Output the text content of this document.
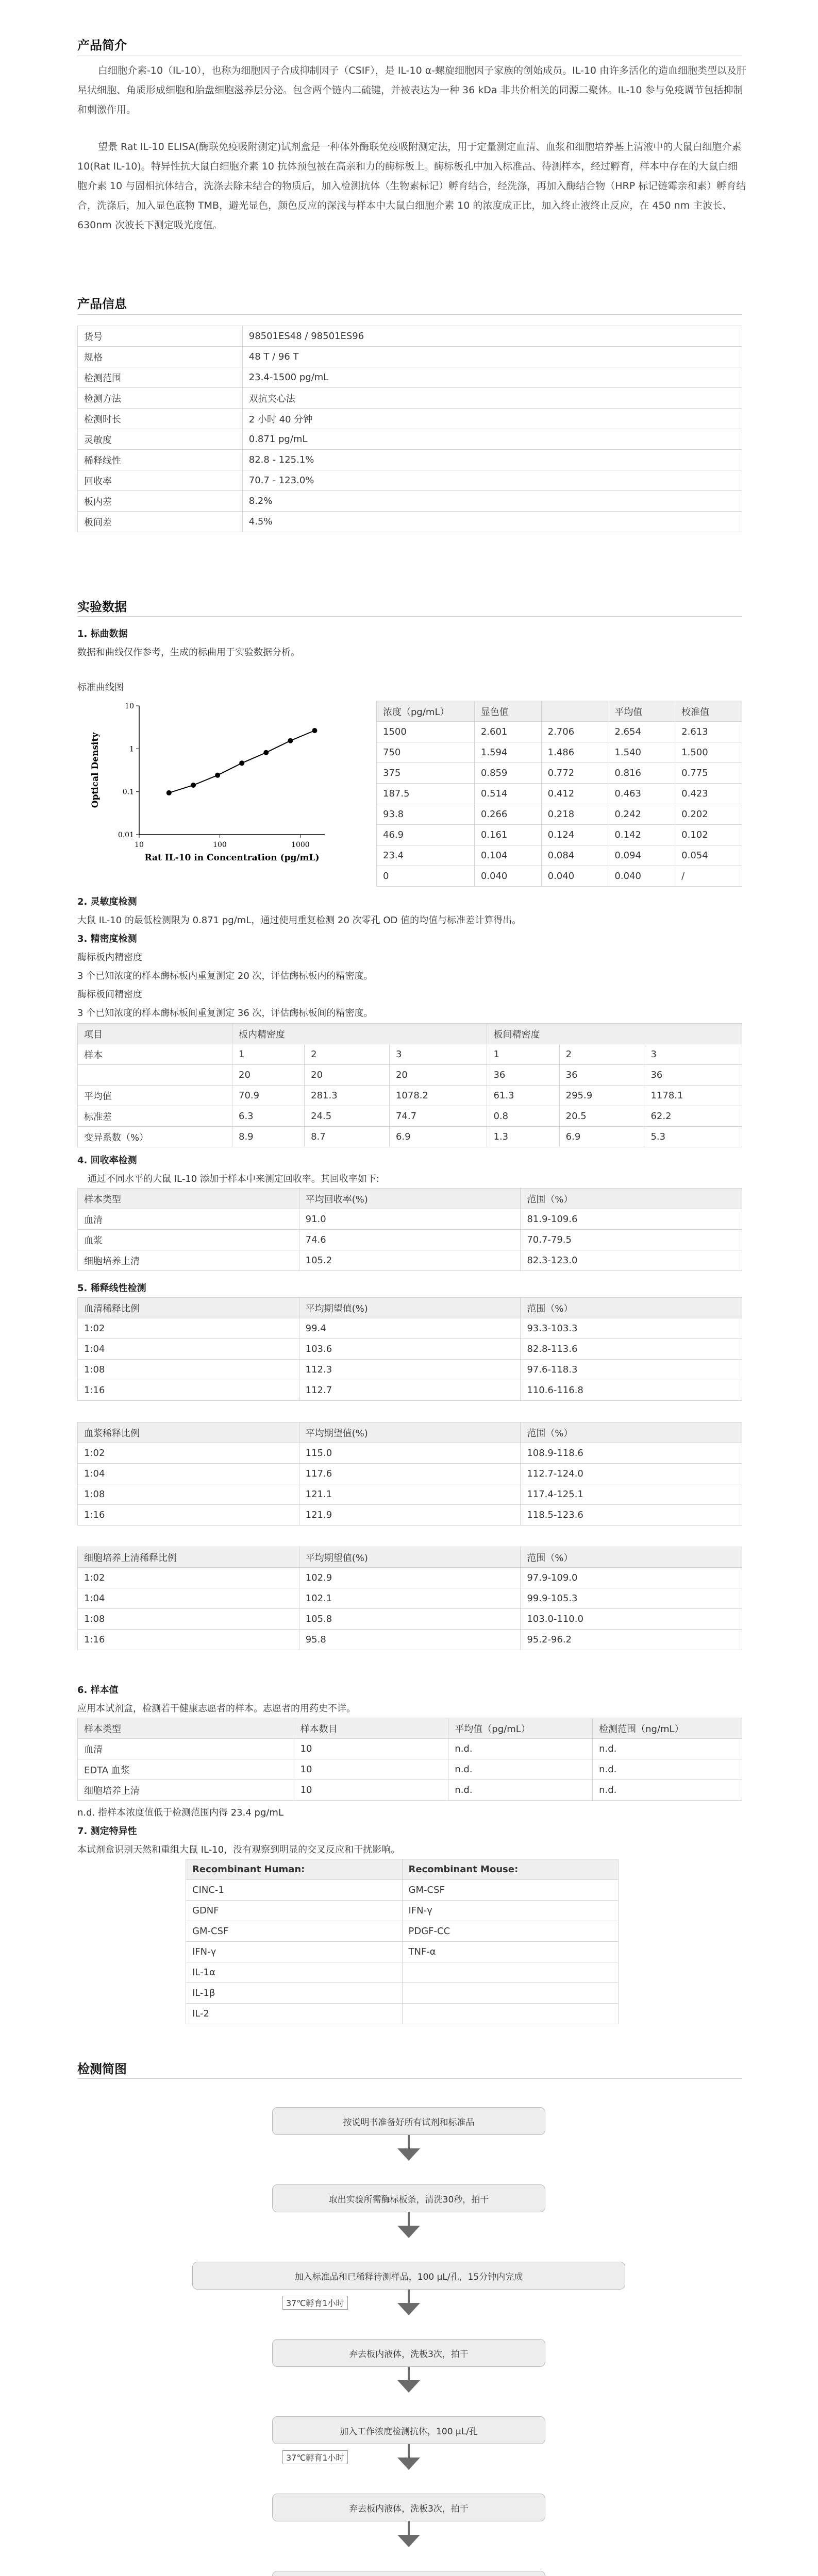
产品简介
白细胞介素-10（IL-10），也称为细胞因子合成抑制因子（CSIF），是 IL-10 α-螺旋细胞因子家族的创始成员。IL-10 由许多活化的造血细胞类型以及肝星状细胞、角质形成细胞和胎盘细胞滋养层分泌。包含两个链内二硫键，并被表达为一种 36 kDa 非共价相关的同源二聚体。IL-10 参与免疫调节包括抑制和刺激作用。
望景 Rat IL-10 ELISA(酶联免疫吸附测定)试剂盒是一种体外酶联免疫吸附测定法，用于定量测定血清、血浆和细胞培养基上清液中的大鼠白细胞介素10(Rat IL-10)。特异性抗大鼠白细胞介素 10 抗体预包被在高亲和力的酶标板上。酶标板孔中加入标准品、待测样本，经过孵育，样本中存在的大鼠白细胞介素 10 与固相抗体结合，洗涤去除未结合的物质后，加入检测抗体（生物素标记）孵育结合，经洗涤，再加入酶结合物（HRP 标记链霉亲和素）孵育结合，洗涤后，加入显色底物 TMB，避光显色，颜色反应的深浅与样本中大鼠白细胞介素 10 的浓度成正比，加入终止液终止反应，在 450 nm 主波长、630nm 次波长下测定吸光度值。
产品信息
货号	98501ES48 / 98501ES96
规格	48 T / 96 T
检测范围	23.4-1500 pg/mL
检测方法	双抗夹心法
检测时长	2 小时 40 分钟
灵敏度	0.871 pg/mL
稀释线性	82.8 - 125.1%
回收率	70.7 - 123.0%
板内差	8.2%
板间差	4.5%
实验数据
1. 标曲数据
数据和曲线仅作参考，生成的标曲用于实验数据分析。
标准曲线图
10
1
0.1
0.01
10	100	1000
Rat IL-10 in Concentration (pg/mL)
Optical Density
浓度（pg/mL）	显色值		平均值	校准值
1500	2.601	2.706	2.654	2.613
750	1.594	1.486	1.540	1.500
375	0.859	0.772	0.816	0.775
187.5	0.514	0.412	0.463	0.423
93.8	0.266	0.218	0.242	0.202
46.9	0.161	0.124	0.142	0.102
23.4	0.104	0.084	0.094	0.054
0	0.040	0.040	0.040	/
2. 灵敏度检测
大鼠 IL-10 的最低检测限为 0.871 pg/mL，通过使用重复检测 20 次零孔 OD 值的均值与标准差计算得出。
3. 精密度检测
酶标板内精密度
3 个已知浓度的样本酶标板内重复测定 20 次，评估酶标板内的精密度。
酶标板间精密度
3 个已知浓度的样本酶标板间重复测定 36 次，评估酶标板间的精密度。
项目	板内精密度			板间精密度		
样本	1	2	3	1	2	3
	20	20	20	36	36	36
平均值	70.9	281.3	1078.2	61.3	295.9	1178.1
标准差	6.3	24.5	74.7	0.8	20.5	62.2
变异系数（%）	8.9	8.7	6.9	1.3	6.9	5.3
4. 回收率检测
通过不同水平的大鼠 IL-10 添加于样本中来测定回收率。其回收率如下:
样本类型	平均回收率(%)	范围（%）
血清	91.0	81.9-109.6
血浆	74.6	70.7-79.5
细胞培养上清	105.2	82.3-123.0
5. 稀释线性检测
血清稀释比例	平均期望值(%)	范围（%）
1:02	99.4	93.3-103.3
1:04	103.6	82.8-113.6
1:08	112.3	97.6-118.3
1:16	112.7	110.6-116.8
血浆稀释比例	平均期望值(%)	范围（%）
1:02	115.0	108.9-118.6
1:04	117.6	112.7-124.0
1:08	121.1	117.4-125.1
1:16	121.9	118.5-123.6
细胞培养上清稀释比例	平均期望值(%)	范围（%）
1:02	102.9	97.9-109.0
1:04	102.1	99.9-105.3
1:08	105.8	103.0-110.0
1:16	95.8	95.2-96.2
6. 样本值
应用本试剂盒，检测若干健康志愿者的样本。志愿者的用药史不详。
样本类型	样本数目	平均值（pg/mL）	检测范围（ng/mL）
血清	10	n.d.	n.d.
EDTA 血浆	10	n.d.	n.d.
细胞培养上清	10	n.d.	n.d.
n.d. 指样本浓度值低于检测范围内得 23.4 pg/mL
7. 测定特异性
本试剂盒识别天然和重组大鼠 IL-10，没有观察到明显的交叉反应和干扰影响。
Recombinant Human:	Recombinant Mouse:
CINC-1	GM-CSF
GDNF	IFN-γ
GM-CSF	PDGF-CC
IFN-γ	TNF-α
IL-1α	
IL-1β	
IL-2	
检测简图
按说明书准备好所有试剂和标准品
取出实验所需酶标板条，清洗30秒，拍干
加入标准品和已稀释待测样品，100 μL/孔，15分钟内完成
弃去板内液体，洗板3次，拍干
加入工作浓度检测抗体，100 μL/孔
弃去板内液体，洗板3次，拍干
37℃孵育1小时
37℃孵育1小时
